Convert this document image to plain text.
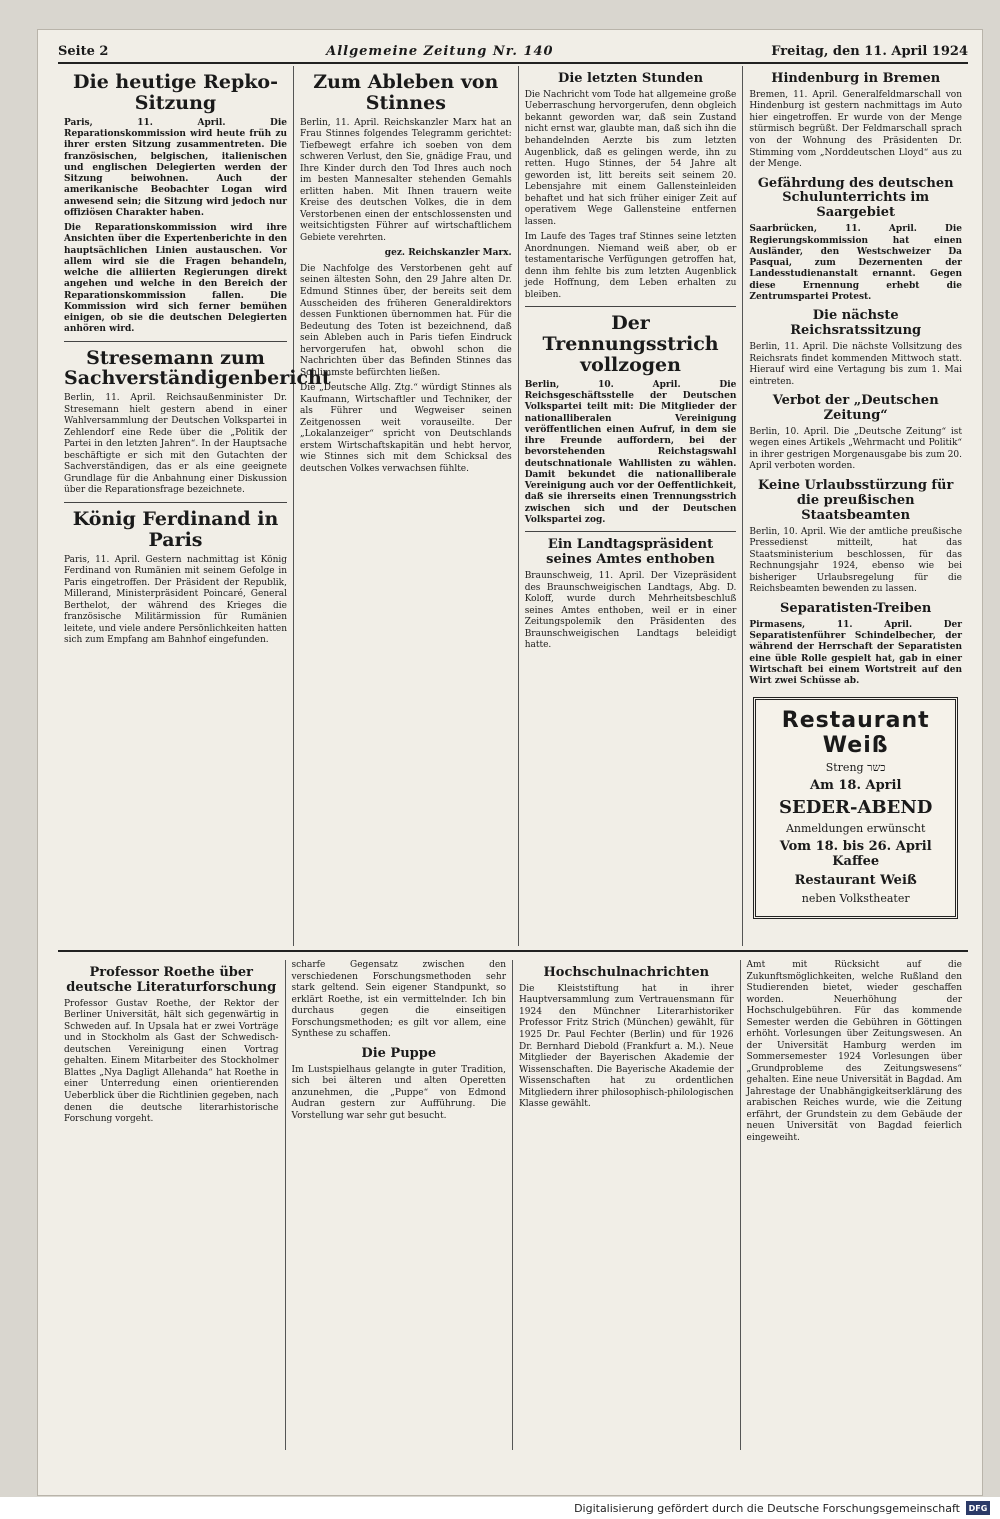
Seite 2	Allgemeine Zeitung Nr. 140	Freitag, den 11. April 1924
Die heutige Repko-Sitzung

Paris, 11. April. Die Reparationskommission wird heute früh zu ihrer ersten Sitzung zusammentreten. Die französischen, belgischen, italienischen und englischen Delegierten werden der Sitzung beiwohnen. Auch der amerikanische Beobachter Logan wird anwesend sein; die Sitzung wird jedoch nur offiziösen Charakter haben.

Die Reparationskommission wird ihre Ansichten über die Expertenberichte in den hauptsächlichen Linien austauschen. Vor allem wird sie die Fragen behandeln, welche die alliierten Regierungen direkt angehen und welche in den Bereich der Reparationskommission fallen. Die Kommission wird sich ferner bemühen einigen, ob sie die deutschen Delegierten anhören wird.

Stresemann zum Sachverständigenbericht

Berlin, 11. April. Reichsaußenminister Dr. Stresemann hielt gestern abend in einer Wahlversammlung der Deutschen Volkspartei in Zehlendorf eine Rede über die „Politik der Partei in den letzten Jahren“. In der Hauptsache beschäftigte er sich mit den Gutachten der Sachverständigen, das er als eine geeignete Grundlage für die Anbahnung einer Diskussion über die Reparationsfrage bezeichnete.

König Ferdinand in Paris

Paris, 11. April. Gestern nachmittag ist König Ferdinand von Rumänien mit seinem Gefolge in Paris eingetroffen. Der Präsident der Republik, Millerand, Ministerpräsident Poincaré, General Berthelot, der während des Krieges die französische Militärmission für Rumänien leitete, und viele andere Persönlichkeiten hatten sich zum Empfang am Bahnhof eingefunden.

Zum Ableben von Stinnes

Berlin, 11. April. Reichskanzler Marx hat an Frau Stinnes folgendes Telegramm gerichtet: Tiefbewegt erfahre ich soeben von dem schweren Verlust, den Sie, gnädige Frau, und Ihre Kinder durch den Tod Ihres auch noch im besten Mannesalter stehenden Gemahls erlitten haben. Mit Ihnen trauern weite Kreise des deutschen Volkes, die in dem Verstorbenen einen der entschlossensten und weitsichtigsten Führer auf wirtschaftlichem Gebiete verehrten.

gez. Reichskanzler Marx.

Die Nachfolge des Verstorbenen geht auf seinen ältesten Sohn, den 29 Jahre alten Dr. Edmund Stinnes über, der bereits seit dem Ausscheiden des früheren Generaldirektors dessen Funktionen übernommen hat. Für die Bedeutung des Toten ist bezeichnend, daß sein Ableben auch in Paris tiefen Eindruck hervorgerufen hat, obwohl schon die Nachrichten über das Befinden Stinnes das Schlimmste befürchten ließen.

Die „Deutsche Allg. Ztg.“ würdigt Stinnes als Kaufmann, Wirtschaftler und Techniker, der als Führer und Wegweiser seinen Zeitgenossen weit vorauseilte. Der „Lokalanzeiger“ spricht von Deutschlands erstem Wirtschaftskapitän und hebt hervor, wie Stinnes sich mit dem Schicksal des deutschen Volkes verwachsen fühlte.

Die letzten Stunden

Die Nachricht vom Tode hat allgemeine große Ueberraschung hervorgerufen, denn obgleich bekannt geworden war, daß sein Zustand nicht ernst war, glaubte man, daß sich ihn die behandelnden Aerzte bis zum letzten Augenblick, daß es gelingen werde, ihn zu retten. Hugo Stinnes, der 54 Jahre alt geworden ist, litt bereits seit seinem 20. Lebensjahre mit einem Gallensteinleiden behaftet und hat sich früher einiger Zeit auf operativem Wege Gallensteine entfernen lassen.

Im Laufe des Tages traf Stinnes seine letzten Anordnungen. Niemand weiß aber, ob er testamentarische Verfügungen getroffen hat, denn ihm fehlte bis zum letzten Augenblick jede Hoffnung, dem Leben erhalten zu bleiben.

Der Trennungsstrich vollzogen

Berlin, 10. April. Die Reichsgeschäftsstelle der Deutschen Volkspartei teilt mit: Die Mitglieder der nationalliberalen Vereinigung veröffentlichen einen Aufruf, in dem sie ihre Freunde auffordern, bei der bevorstehenden Reichstagswahl deutschnationale Wahllisten zu wählen. Damit bekundet die nationalliberale Vereinigung auch vor der Oeffentlichkeit, daß sie ihrerseits einen Trennungsstrich zwischen sich und der Deutschen Volkspartei zog.

Ein Landtagspräsident seines Amtes enthoben

Braunschweig, 11. April. Der Vizepräsident des Braunschweigischen Landtags, Abg. D. Koloff, wurde durch Mehrheitsbeschluß seines Amtes enthoben, weil er in einer Zeitungspolemik den Präsidenten des Braunschweigischen Landtags beleidigt hatte.

Hindenburg in Bremen

Bremen, 11. April. Generalfeldmarschall von Hindenburg ist gestern nachmittags im Auto hier eingetroffen. Er wurde von der Menge stürmisch begrüßt. Der Feldmarschall sprach von der Wohnung des Präsidenten Dr. Stimming vom „Norddeutschen Lloyd“ aus zu der Menge.

Gefährdung des deutschen Schulunterrichts im Saargebiet

Saarbrücken, 11. April. Die Regierungskommission hat einen Ausländer, den Westschweizer Da Pasquai, zum Dezernenten der Landesstudienanstalt ernannt. Gegen diese Ernennung erhebt die Zentrumspartei Protest.

Die nächste Reichsratssitzung

Berlin, 11. April. Die nächste Vollsitzung des Reichsrats findet kommenden Mittwoch statt. Hierauf wird eine Vertagung bis zum 1. Mai eintreten.

Verbot der „Deutschen Zeitung“

Berlin, 10. April. Die „Deutsche Zeitung“ ist wegen eines Artikels „Wehrmacht und Politik“ in ihrer gestrigen Morgenausgabe bis zum 20. April verboten worden.

Keine Urlaubsstürzung für die preußischen Staatsbeamten

Berlin, 10. April. Wie der amtliche preußische Pressedienst mitteilt, hat das Staatsministerium beschlossen, für das Rechnungsjahr 1924, ebenso wie bei bisheriger Urlaubsregelung für die Reichsbeamten bewenden zu lassen.

Separatisten-Treiben

Pirmasens, 11. April. Der Separatistenführer Schindelbecher, der während der Herrschaft der Separatisten eine üble Rolle gespielt hat, gab in einer Wirtschaft bei einem Wortstreit auf den Wirt zwei Schüsse ab.

Restaurant Weiß
Streng כשר
Am 18. April
SEDER-ABEND
Anmeldungen erwünscht
Vom 18. bis 26. April Kaffee
Restaurant Weiß
neben Volkstheater
Professor Roethe über deutsche Literaturforschung

Professor Gustav Roethe, der Rektor der Berliner Universität, hält sich gegenwärtig in Schweden auf. In Upsala hat er zwei Vorträge und in Stockholm als Gast der Schwedisch-deutschen Vereinigung einen Vortrag gehalten. Einem Mitarbeiter des Stockholmer Blattes „Nya Dagligt Allehanda“ hat Roethe in einer Unterredung einen orientierenden Ueberblick über die Richtlinien gegeben, nach denen die deutsche literarhistorische Forschung vorgeht.

scharfe Gegensatz zwischen den verschiedenen Forschungsmethoden sehr stark geltend. Sein eigener Standpunkt, so erklärt Roethe, ist ein vermittelnder. Ich bin durchaus gegen die einseitigen Forschungsmethoden; es gilt vor allem, eine Synthese zu schaffen.

Die Puppe

Im Lustspielhaus gelangte in guter Tradition, sich bei älteren und alten Operetten anzunehmen, die „Puppe“ von Edmond Audran gestern zur Aufführung. Die Vorstellung war sehr gut besucht.

Hochschulnachrichten

Die Kleiststiftung hat in ihrer Hauptversammlung zum Vertrauensmann für 1924 den Münchner Literarhistoriker Professor Fritz Strich (München) gewählt, für 1925 Dr. Paul Fechter (Berlin) und für 1926 Dr. Bernhard Diebold (Frankfurt a. M.). Neue Mitglieder der Bayerischen Akademie der Wissenschaften. Die Bayerische Akademie der Wissenschaften hat zu ordentlichen Mitgliedern ihrer philosophisch-philologischen Klasse gewählt.

Amt mit Rücksicht auf die Zukunftsmöglichkeiten, welche Rußland den Studierenden bietet, wieder geschaffen worden. Neuerhöhung der Hochschulgebühren. Für das kommende Semester werden die Gebühren in Göttingen erhöht. Vorlesungen über Zeitungswesen. An der Universität Hamburg werden im Sommersemester 1924 Vorlesungen über „Grundprobleme des Zeitungswesens“ gehalten. Eine neue Universität in Bagdad. Am Jahrestage der Unabhängigkeitserklärung des arabischen Reiches wurde, wie die Zeitung erfährt, der Grundstein zu dem Gebäude der neuen Universität von Bagdad feierlich eingeweiht.

Digitalisierung gefördert durch die Deutsche Forschungsgemeinschaft	DFG
